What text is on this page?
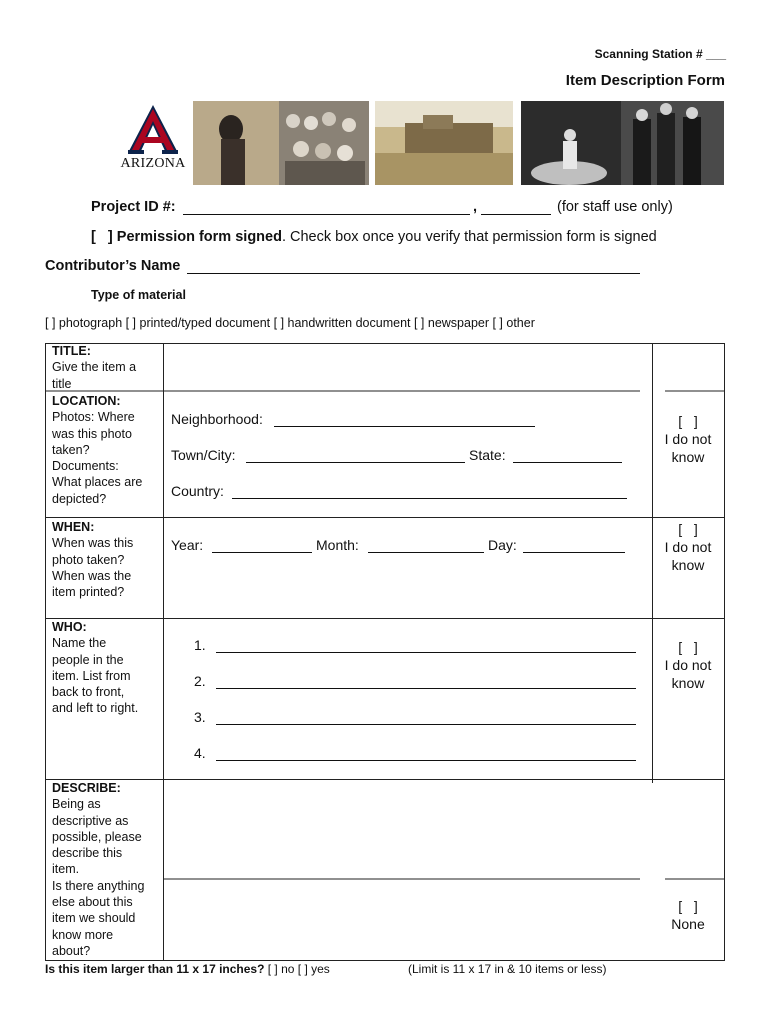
Scanning Station # ___
Item Description Form
ARIZONA
Project ID #:	,	(for staff use only)
[   ] Permission form signed. Check box once you verify that permission form is signed
Contributor’s Name
Type of material
[ ] photograph [ ] printed/typed document [ ] handwritten document [ ] newspaper [ ] other
TITLE:
Give the item a
title
LOCATION:
Photos: Where
was this photo
taken?
Documents:
What places are
depicted?
Neighborhood:
Town/City:	State:
Country:
[   ]
I do not
know
WHEN:
When was this
photo taken?
When was the
item printed?
Year:	Month:	Day:
[   ]
I do not
know
WHO:
Name the
people in the
item. List from
back to front,
and left to right.
1.
2.
3.
4.
[   ]
I do not
know
DESCRIBE:
Being as
descriptive as
possible, please
describe this
item.
Is there anything
else about this
item we should
know more
about?
[   ]
None
Is this item larger than 11 x 17 inches? [ ] no [ ] yes	(Limit is 11 x 17 in & 10 items or less)
